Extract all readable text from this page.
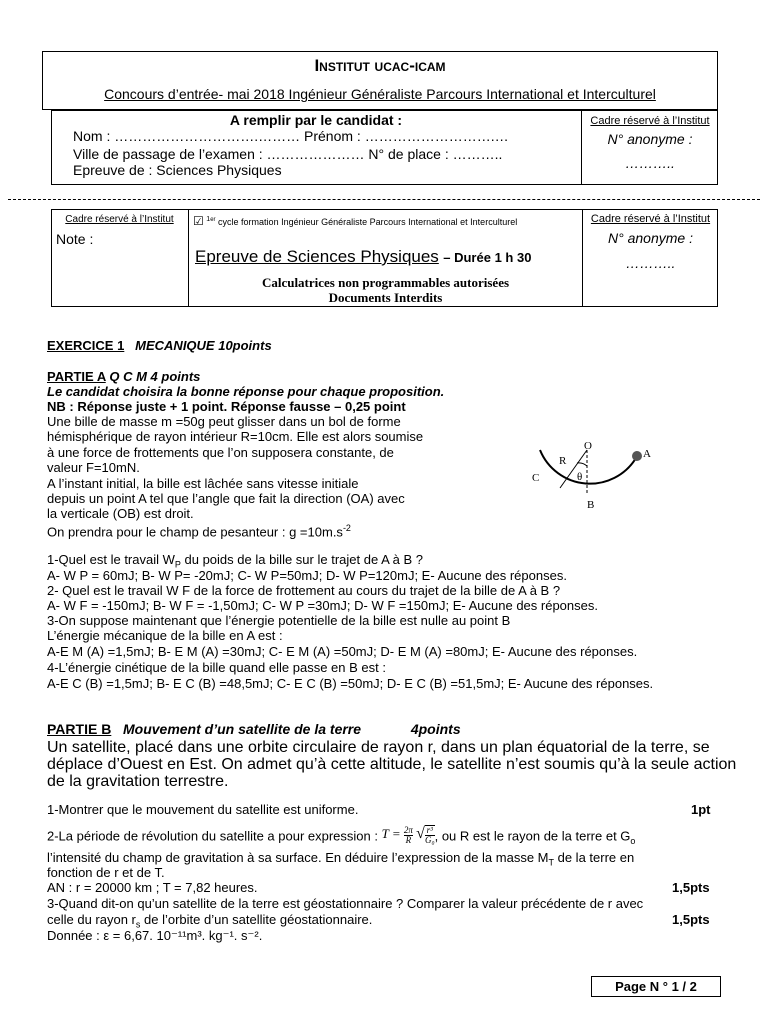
Institut ucac-icam
Concours d’entrée- mai 2018 Ingénieur Généraliste Parcours International et Interculturel
A remplir par le candidat :
Nom : ………………………….……… Prénom : ……………………….…
Ville de passage de l’examen : ………………… N° de place : ………..
Epreuve de : Sciences Physiques
Cadre réservé à l’Institut
N° anonyme :
………..
Cadre réservé à l’Institut
Note :
☑ $^{1er}$ cycle formation Ingénieur Généraliste Parcours International et Interculturel
Epreuve de Sciences Physiques – Durée 1 h 30
Calculatrices non programmables autorisées
Documents Interdits
Cadre réservé à l’Institut
N° anonyme :
………..
EXERCICE 1 MECANIQUE 10points
PARTIE A Q C M 4 points
Le candidat choisira la bonne réponse pour chaque proposition.
NB : Réponse juste + 1 point. Réponse fausse – 0,25 point
Une bille de masse m =50g peut glisser dans un bol de forme
hémisphérique de rayon intérieur R=10cm. Elle est alors soumise
à une force de frottements que l’on supposera constante, de
valeur F=10mN.
A l’instant initial, la bille est lâchée sans vitesse initiale
depuis un point A tel que l’angle que fait la direction (OA) avec
la verticale (OB) est droit.
On prendra pour le champ de pesanteur : $g =10m.s^{-2}$
O
A
R
C	θ
B
1-Quel est le travail $W_P$ du poids de la bille sur le trajet de A à B ?
A- W P = 60mJ; B- W P= -20mJ; C- W P=50mJ; D- W P=120mJ; E- Aucune des réponses.
2- Quel est le travail W F de la force de frottement au cours du trajet de la bille de A à B ?
A- W F = -150mJ; B- W F = -1,50mJ; C- W P =30mJ; D- W F =150mJ; E- Aucune des réponses.
3-On suppose maintenant que l’énergie potentielle de la bille est nulle au point B
L’énergie mécanique de la bille en A est :
A-E M (A) =1,5mJ; B- E M (A) =30mJ; C- E M (A) =50mJ; D- E M (A) =80mJ; E- Aucune des réponses.
4-L’énergie cinétique de la bille quand elle passe en B est :
A-E C (B) =1,5mJ; B- E C (B) =48,5mJ; C- E C (B) =50mJ; D- E C (B) =51,5mJ; E- Aucune des réponses.
PARTIE B Mouvement d’un satellite de la terre	4points
Un satellite, placé dans une orbite circulaire de rayon r, dans un plan équatorial de la terre, se
déplace d’Ouest en Est. On admet qu’à cette altitude, le satellite n’est soumis qu’à la seule action
de la gravitation terrestre.
1-Montrer que le mouvement du satellite est uniforme.	1pt
2-La période de révolution du satellite a pour expression : $T = \frac{2\pi}{R}$ √ $\frac{\text{r³}}{\text{G₀}}$ , ou R est le rayon de la terre et $G_o$
l’intensité du champ de gravitation à sa surface. En déduire l’expression de la masse $M_T$ de la terre en
fonction de r et de T.
AN : r = 20000 km ; T = 7,82 heures.	1,5pts
3-Quand dit-on qu’un satellite de la terre est géostationnaire ? Comparer la valeur précédente de r avec
celle du rayon $r_s$ de l’orbite d’un satellite géostationnaire.	1,5pts
Donnée : ε = 6,67. 10⁻¹¹m³. kg⁻¹. s⁻².
Page N ° 1 / 2
